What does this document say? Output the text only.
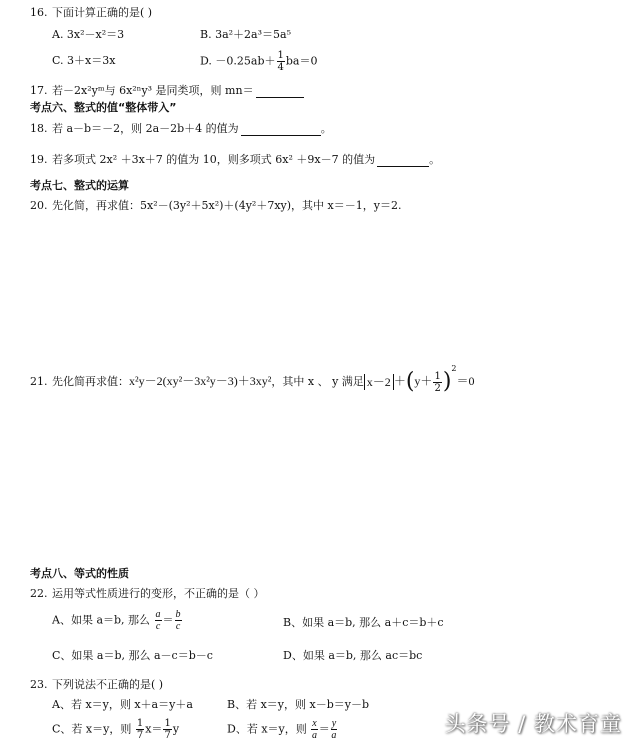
16. 下面计算正确的是( )
A. 3x²－x²＝3	B. 3a²＋2a³＝5a⁵
C. 3＋x＝3x	D. $-0.25ab+ \frac{1}{4} ba=0$
17. 若－2x²yᵐ与 6x²ⁿy³ 是同类项，则 mn＝
考点六、整式的值“整体带入”
18. 若 a－b＝－2，则 2a－2b＋4 的值为	。
19. 若多项式 2x² ＋3x＋7 的值为 10，则多项式 6x² ＋9x－7 的值为	。
考点七、整式的运算
20. 先化简，再求值：5x²－(3y²＋5x²)＋(4y²＋7xy)，其中 x＝－1，y＝2.
21. 先化简再求值：x²y－2(xy²－3x²y－3)＋3xy²，其中 x 、 y 满足 $x-2 +(y+ \frac{1}{2} )^2=0$
考点八、等式的性质
22. 运用等式性质进行的变形，不正确的是（ ）
A、如果 a＝b, 那么 $\frac{a}{c} = \frac{b}{c}$	B、如果 a＝b, 那么 a＋c＝b＋c
C、如果 a＝b, 那么 a－c＝b－c	D、如果 a＝b, 那么 ac＝bc
23. 下列说法不正确的是( )
A、若 x＝y，则 x＋a＝y＋a	B、若 x＝y，则 x－b＝y－b
C、若 x＝y，则 $\frac{1}{7} x= \frac{1}{7}$ y	D、若 x＝y，则 $\frac{x}{a} = \frac{y}{a}$	头条号 / 教术育童
